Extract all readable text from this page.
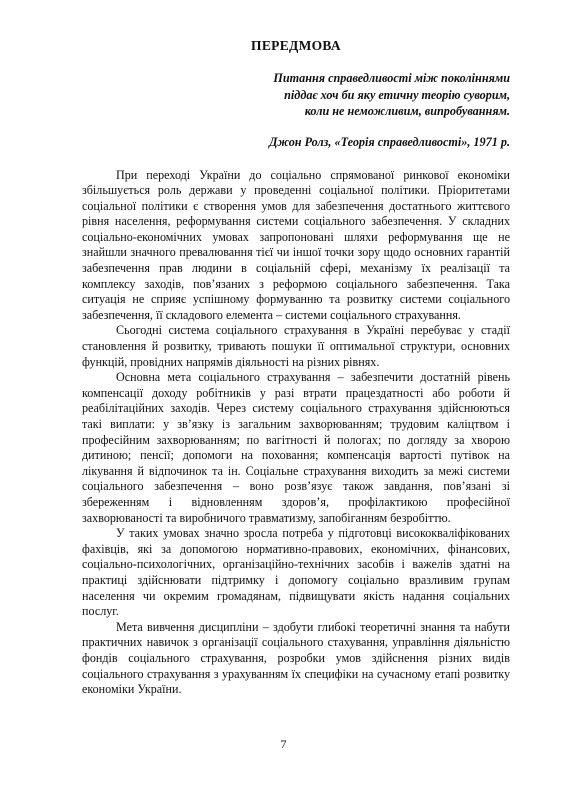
ПЕРЕДМОВА
Питання справедливості між поколіннями
піддає хоч би яку етичну теорію суворим,
коли не неможливим, випробуванням.
Джон Ролз, «Теорія справедливості», 1971 р.

При переході України до соціально спрямованої ринкової економіки збільшується роль держави у проведенні соціальної політики. Пріоритетами соціальної політики є створення умов для забезпечення достатнього життєвого рівня населення, реформування системи соціального забезпечення. У складних соціально-економічних умовах запропоновані шляхи реформування ще не знайшли значного превалювання тієї чи іншої точки зору щодо основних гарантій забезпечення прав людини в соціальній сфері, механізму їх реалізації та комплексу заходів, пов’язаних з реформою соціального забезпечення. Така ситуація не сприяє успішному формуванню та розвитку системи соціального забезпечення, її складового елемента – системи соціального страхування.

Сьогодні система соціального страхування в Україні перебуває у стадії становлення й розвитку, тривають пошуки її оптимальної структури, основних функцій, провідних напрямів діяльності на різних рівнях.

Основна мета соціального страхування – забезпечити достатній рівень компенсації доходу робітників у разі втрати працездатності або роботи й реабілітаційних заходів. Через систему соціального страхування здійснюються такі виплати: у зв’язку із загальним захворюванням; трудовим каліцтвом і професійним захворюванням; по вагітності й пологах; по догляду за хворою дитиною; пенсії; допомоги на поховання; компенсація вартості путівок на лікування й відпочинок та ін. Соціальне страхування виходить за межі системи соціального забезпечення – воно розв’язує також завдання, пов’язані зі збереженням і відновленням здоров’я, профілактикою професійної захворюваності та виробничого травматизму, запобіганням безробіттю.

У таких умовах значно зросла потреба у підготовці висококваліфікованих фахівців, які за допомогою нормативно-правових, економічних, фінансових, соціально-психологічних, організаційно-технічних засобів і важелів здатні на практиці здійснювати підтримку і допомогу соціально вразливим групам населення чи окремим громадянам, підвищувати якість надання соціальних послуг.

Мета вивчення дисципліни – здобути глибокі теоретичні знання та набути практичних навичок з організації соціального стахування, управління діяльністю фондів соціального страхування, розробки умов здійснення різних видів соціального страхування з урахуванням їх специфіки на сучасному етапі розвитку економіки України.

7
